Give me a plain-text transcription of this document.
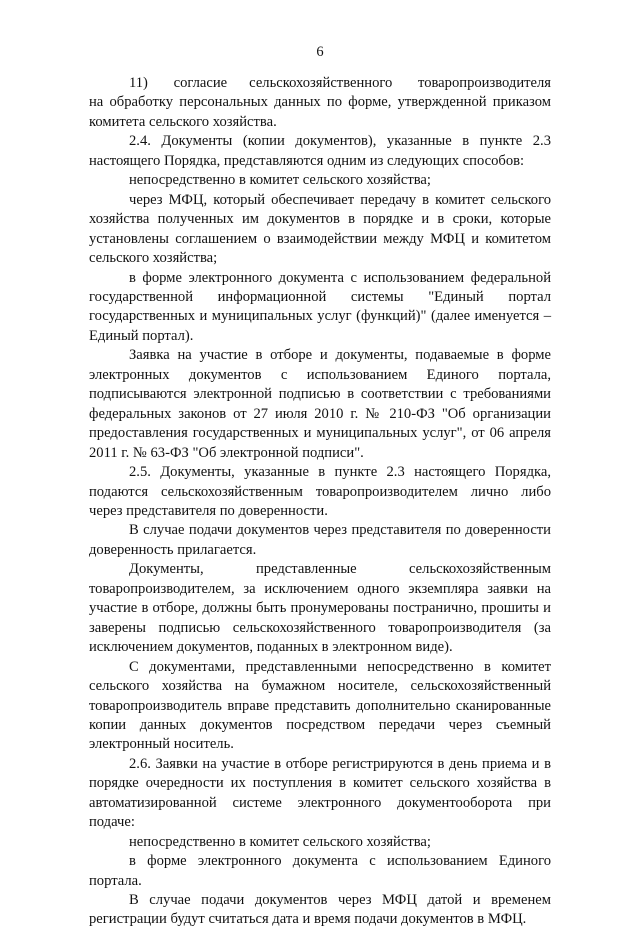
6

11)       согласие      сельскохозяйственного       товаропроизводителя на обработку персональных данных по форме, утвержденной приказом комитета сельского хозяйства.

2.4. Документы (копии документов), указанные в пункте 2.3 настоящего Порядка, представляются одним из следующих способов:

непосредственно в комитет сельского хозяйства;

через МФЦ, который обеспечивает передачу в комитет сельского хозяйства полученных им документов в порядке и в сроки, которые установлены соглашением о взаимодействии между МФЦ и комитетом сельского хозяйства;

в форме электронного документа с использованием федеральной государственной информационной системы "Единый портал государственных и муниципальных услуг (функций)" (далее именуется – Единый портал).

Заявка на участие в отборе и документы, подаваемые в форме электронных документов с использованием Единого портала, подписываются электронной подписью в соответствии с требованиями федеральных законов от 27 июля 2010 г. № 210-ФЗ "Об организации предоставления государственных и муниципальных услуг", от 06 апреля 2011 г. № 63-ФЗ "Об электронной подписи".

2.5. Документы, указанные в пункте 2.3 настоящего Порядка, подаются сельскохозяйственным товаропроизводителем лично либо через представителя по доверенности.

В случае подачи документов через представителя по доверенности доверенность прилагается.

Документы, представленные сельскохозяйственным товаропроизводителем, за исключением одного экземпляра заявки на участие в отборе, должны быть пронумерованы постранично, прошиты и заверены подписью сельскохозяйственного товаропроизводителя (за исключением документов, поданных в электронном виде).

С документами, представленными непосредственно в комитет сельского хозяйства на бумажном носителе, сельскохозяйственный товаропроизводитель вправе представить дополнительно сканированные копии данных документов посредством передачи через съемный электронный носитель.

2.6. Заявки на участие в отборе регистрируются в день приема и в порядке очередности их поступления в комитет сельского хозяйства в автоматизированной системе электронного документооборота при подаче:

непосредственно в комитет сельского хозяйства;

в форме электронного документа с использованием Единого портала.

В случае подачи документов через МФЦ датой и временем регистрации будут считаться дата и время подачи документов в МФЦ.
